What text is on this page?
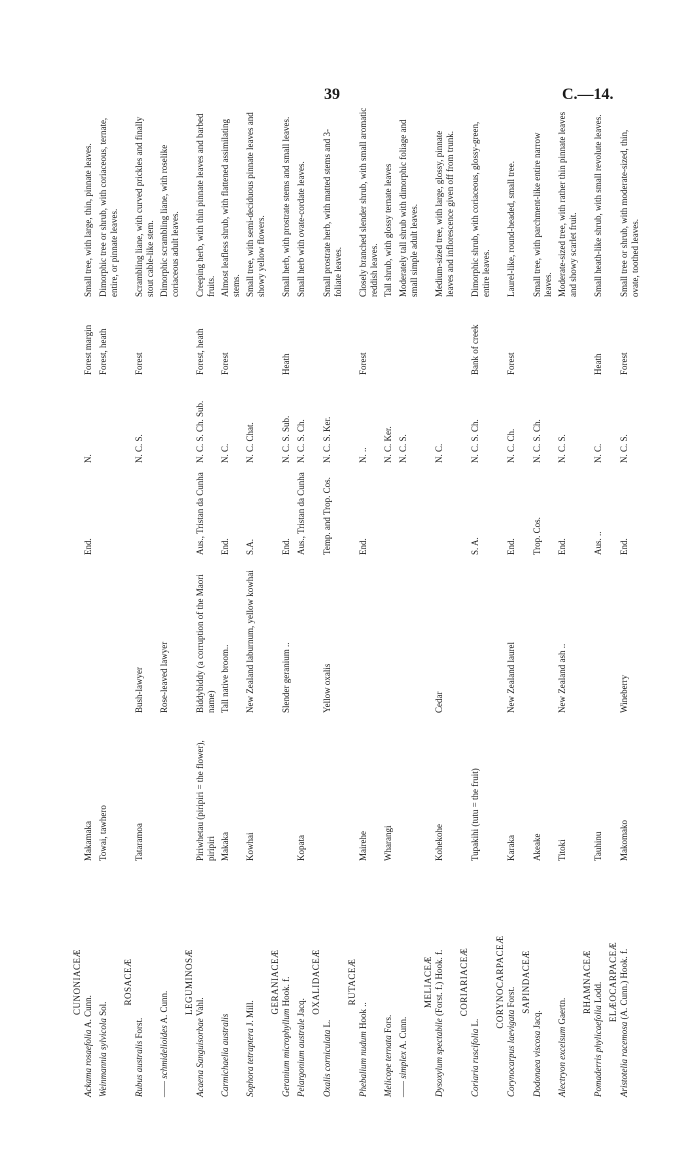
39	C.—14.
CUNONIACEÆ
Ackama rosaefolia A. Cunn.
Makamaka
End.
N.
Forest margin
Small tree, with large, thin, pinnate leaves.
Weinmannia sylvicola Sol.
Towai, tawhero
Forest, heath
Dimorphic tree or shrub, with coriaceous, ternate, entire, or pinnate leaves.
ROSACEÆ
Rubus australis Forst.
Tataramoa
Bush-lawyer
N. C. S.
Forest
Scrambling liane, with curved prickles and finally stout cable-like stem.
—— schmidelioides A. Cunn.
Rose-leaved lawyer
Dimorphic scrambling liane, with roselike coriaceous adult leaves.
LEGUMINOSÆ
Acaena Sanguisorbae Vahl.
Piriwhetau (piripiri = the flower), piripiri
Biddybiddy (a corruption of the Maori name)
Aus., Tristan da Cunha
N. C. S. Ch. Sub.
Forest, heath
Creeping herb, with thin pinnate leaves and barbed fruits.
Carmichaelia australis
Makaka
Tall native broom..
End.
N. C.
Forest
Almost leafless shrub, with flattened assimilating stems.
Sophora tetraptera J. Mill.
Kowhai
New Zealand laburnum, yellow kowhai
S.A.
N. C. Chat.
Small tree, with semi-deciduous pinnate leaves and showy yellow flowers.
GERANIACEÆ
Geranium microphyllum Hook. f.
Slender geranium ..
End.
N. C. S. Sub.
Heath
Small herb, with prostrate stems and small leaves.
Pelargonium australe Jacq.
Kopata
Aus., Tristan da Cunha
N. C. S. Ch.
Small herb with ovate-cordate leaves.
OXALIDACEÆ
Oxalis corniculata L.
Yellow oxalis
Temp. and Trop. Cos.
N. C. S. Ker.
Small prostrate herb, with matted stems and 3-foliate leaves.
RUTACEÆ
Phebalium nudum Hook ..
Mairehe
End.
N. ..
Forest
Closely branched slender shrub, with small aromatic reddish leaves.
Melicope ternata Fors.
Wharangi
N. C. Ker.
Tall shrub, with glossy ternate leaves
—— simplex A. Cunn.
N. C. S.
Moderately tall shrub with dimorphic foliage and small simple adult leaves.
MELIACEÆ
Dysoxylum spectabile (Forst. f.) Hook. f.
Kohekohe
Cedar
N. C.
Medium-sized tree, with large, glossy, pinnate leaves and inflorescence given off from trunk.
CORIARIACEÆ
Coriaria ruscifolia L.
Tupakihi (tutu = the fruit)
S. A.
N. C. S. Ch.
Bank of creek
Dimorphic shrub, with coriaceous, glossy-green, entire leaves.
CORYNOCARPACEÆ
Corynocarpus laevigata Forst.
Karaka
New Zealand laurel
End.
N. C. Ch.
Forest
Laurel-like, round-headed, small tree.
SAPINDACEÆ
Dodonaea viscosa Jacq.
Akeake
Trop. Cos.
N. C. S. Ch.
Small tree, with parchment-like entire narrow leaves.
Alectryon excelsum Gaertn.
Titoki
New Zealand ash ..
End.
N. C. S.
Moderate-sized tree, with rather thin pinnate leaves and showy scarlet fruit.
RHAMNACEÆ
Pomaderris phylicaefolia Lodd.
Tauhinu
Aus. ..
N. C.
Heath
Small heath-like shrub, with small revolute leaves.
ELÆOCARPACEÆ
Aristotelia racemosa (A. Cunn.) Hook. f.
Makomako
Wineberry
End.
N. C. S.
Forest
Small tree or shrub, with moderate-sized, thin, ovate, toothed leaves.
